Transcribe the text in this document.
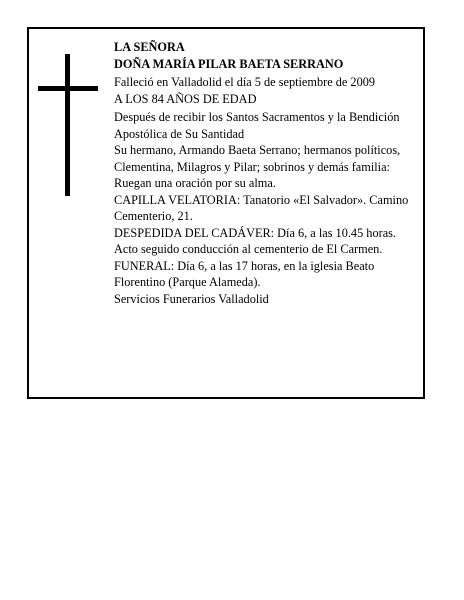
LA SEÑORA

DOÑA MARÍA PILAR BAETA SERRANO

Falleció en Valladolid el día 5 de septiembre de 2009

A LOS 84 AÑOS DE EDAD

Después de recibir los Santos Sacramentos y la Bendición Apostólica de Su Santidad

Su hermano, Armando Baeta Serrano; hermanos políticos, Clementina, Milagros y Pilar; sobrinos y demás familia:

Ruegan una oración por su alma.

CAPILLA VELATORIA: Tanatorio «El Salvador». Camino Cementerio, 21.

DESPEDIDA DEL CADÁVER: Día 6, a las 10.45 horas. Acto seguido conducción al cementerio de El Carmen.

FUNERAL: Día 6, a las 17 horas, en la iglesia Beato Florentino (Parque Alameda).

Servicios Funerarios Valladolid
